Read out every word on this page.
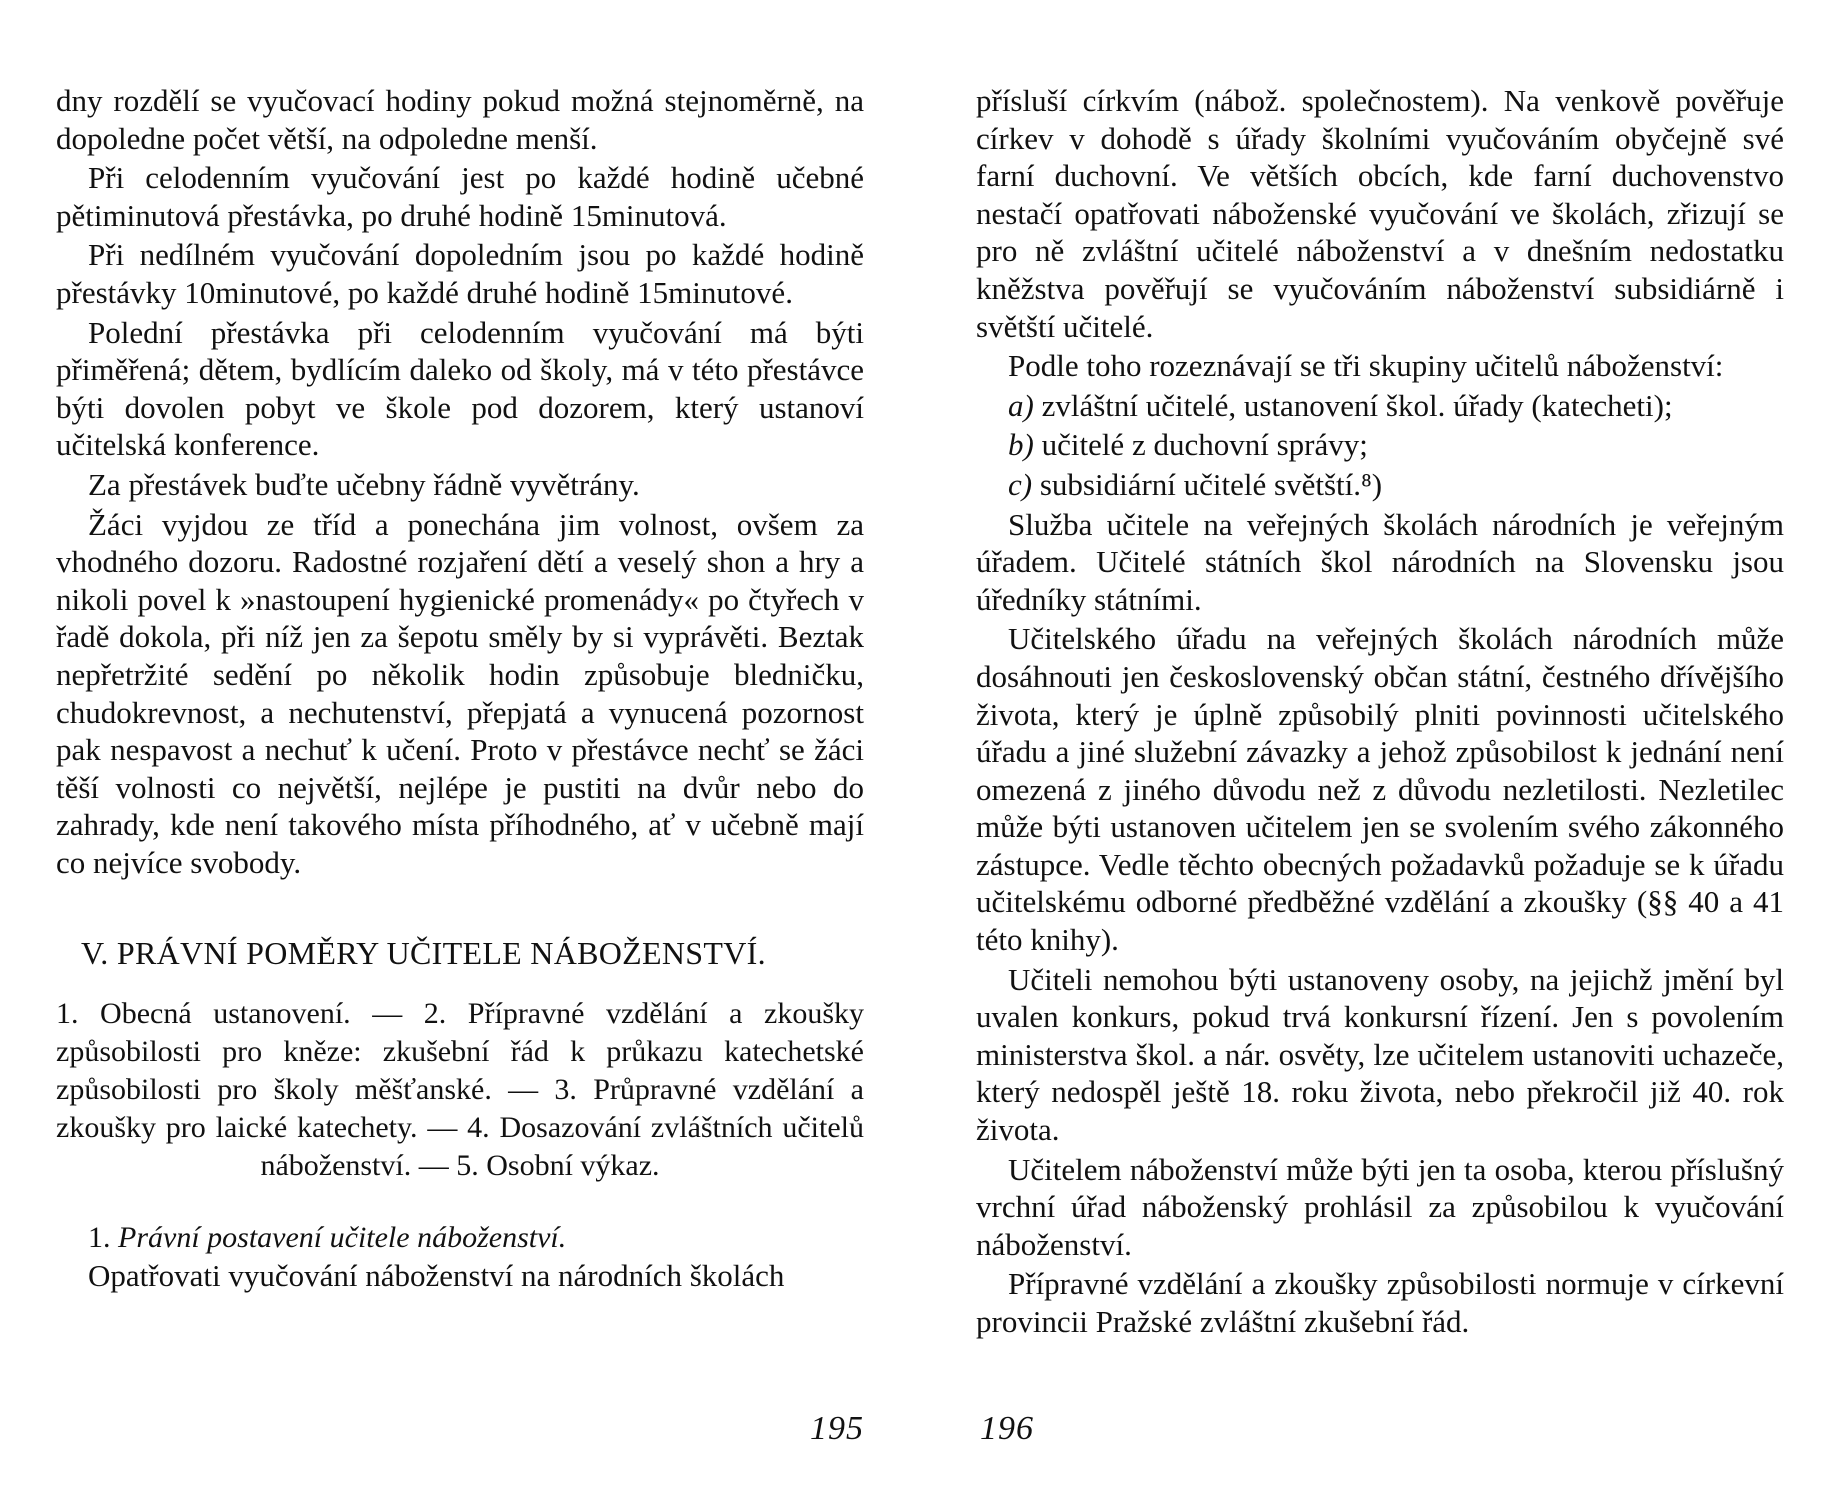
dny rozdělí se vyučovací hodiny pokud možná stejnoměrně, na dopoledne počet větší, na odpoledne menší.

Při celodenním vyučování jest po každé hodině učebné pětiminutová přestávka, po druhé hodině 15minutová.

Při nedílném vyučování dopoledním jsou po každé hodině přestávky 10minutové, po každé druhé hodině 15minutové.

Polední přestávka při celodenním vyučování má býti přiměřená; dětem, bydlícím daleko od školy, má v této přestávce býti dovolen pobyt ve škole pod dozorem, který ustanoví učitelská konference.

Za přestávek buďte učebny řádně vyvětrány.

Žáci vyjdou ze tříd a ponechána jim volnost, ovšem za vhodného dozoru. Radostné rozjaření dětí a veselý shon a hry a nikoli povel k »nastoupení hygienické promenády« po čtyřech v řadě dokola, při níž jen za šepotu směly by si vyprávěti. Beztak nepřetržité sedění po několik hodin způsobuje bledničku, chudokrevnost, a nechutenství, přepjatá a vynucená pozornost pak nespavost a nechuť k učení. Proto v přestávce nechť se žáci těší volnosti co největší, nejlépe je pustiti na dvůr nebo do zahrady, kde není takového místa příhodného, ať v učebně mají co nejvíce svobody.

V. PRÁVNÍ POMĚRY UČITELE NÁBOŽENSTVÍ.

1. Obecná ustanovení. — 2. Přípravné vzdělání a zkoušky způsobilosti pro kněze: zkušební řád k průkazu katechetské způsobilosti pro školy měšťanské. — 3. Průpravné vzdělání a zkoušky pro laické katechety. — 4. Dosazování zvláštních učitelů náboženství. — 5. Osobní výkaz.

1. Právní postavení učitele náboženství.

Opatřovati vyučování náboženství na národních školách

195

přísluší církvím (nábož. společnostem). Na venkově pověřuje církev v dohodě s úřady školními vyučováním obyčejně své farní duchovní. Ve větších obcích, kde farní duchovenstvo nestačí opatřovati náboženské vyučování ve školách, zřizují se pro ně zvláštní učitelé náboženství a v dnešním nedostatku kněžstva pověřují se vyučováním náboženství subsidiárně i světští učitelé.

Podle toho rozeznávají se tři skupiny učitelů náboženství:

a) zvláštní učitelé, ustanovení škol. úřady (katecheti);

b) učitelé z duchovní správy;

c) subsidiární učitelé světští.⁸)

Služba učitele na veřejných školách národních je veřejným úřadem. Učitelé státních škol národních na Slovensku jsou úředníky státními.

Učitelského úřadu na veřejných školách národních může dosáhnouti jen československý občan státní, čestného dřívějšího života, který je úplně způsobilý plniti povinnosti učitelského úřadu a jiné služební závazky a jehož způsobilost k jednání není omezená z jiného důvodu než z důvodu nezletilosti. Nezletilec může býti ustanoven učitelem jen se svolením svého zákonného zástupce. Vedle těchto obecných požadavků požaduje se k úřadu učitelskému odborné předběžné vzdělání a zkoušky (§§ 40 a 41 této knihy).

Učiteli nemohou býti ustanoveny osoby, na jejichž jmění byl uvalen konkurs, pokud trvá konkursní řízení. Jen s povolením ministerstva škol. a nár. osvěty, lze učitelem ustanoviti uchazeče, který nedospěl ještě 18. roku života, nebo překročil již 40. rok života.

Učitelem náboženství může býti jen ta osoba, kterou příslušný vrchní úřad náboženský prohlásil za způsobilou k vyučování náboženství.

Přípravné vzdělání a zkoušky způsobilosti normuje v církevní provincii Pražské zvláštní zkušební řád.

196
